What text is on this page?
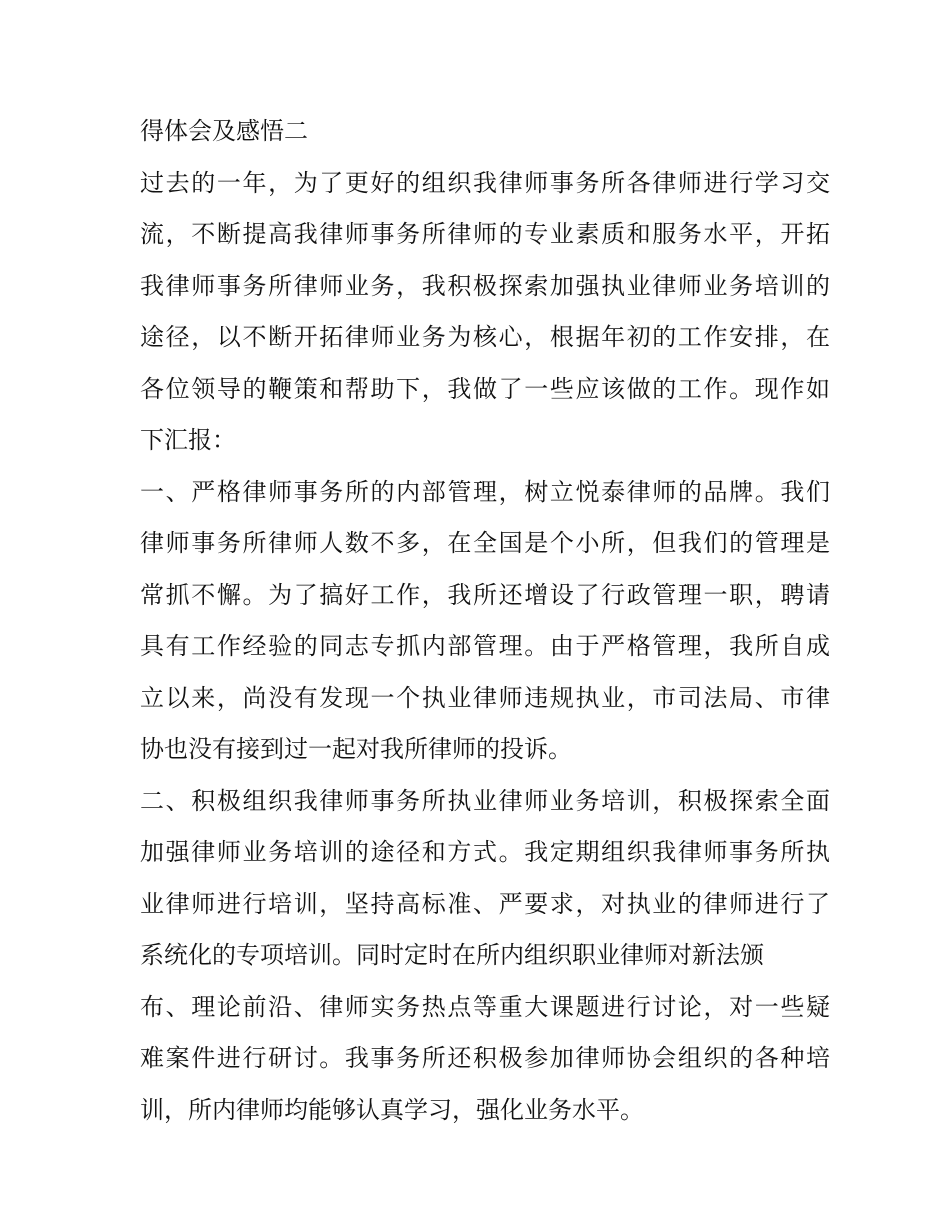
得体会及感悟二
过去的一年，为了更好的组织我律师事务所各律师进行学习交
流，不断提高我律师事务所律师的专业素质和服务水平，开拓
我律师事务所律师业务，我积极探索加强执业律师业务培训的
途径，以不断开拓律师业务为核心，根据年初的工作安排，在
各位领导的鞭策和帮助下，我做了一些应该做的工作。现作如
下汇报：
一、严格律师事务所的内部管理，树立悦泰律师的品牌。我们
律师事务所律师人数不多，在全国是个小所，但我们的管理是
常抓不懈。为了搞好工作，我所还增设了行政管理一职，聘请
具有工作经验的同志专抓内部管理。由于严格管理，我所自成
立以来，尚没有发现一个执业律师违规执业，市司法局、市律
协也没有接到过一起对我所律师的投诉。
二、积极组织我律师事务所执业律师业务培训，积极探索全面
加强律师业务培训的途径和方式。我定期组织我律师事务所执
业律师进行培训，坚持高标准、严要求，对执业的律师进行了
系统化的专项培训。同时定时在所内组织职业律师对新法颁
布、理论前沿、律师实务热点等重大课题进行讨论，对一些疑
难案件进行研讨。我事务所还积极参加律师协会组织的各种培
训，所内律师均能够认真学习，强化业务水平。
